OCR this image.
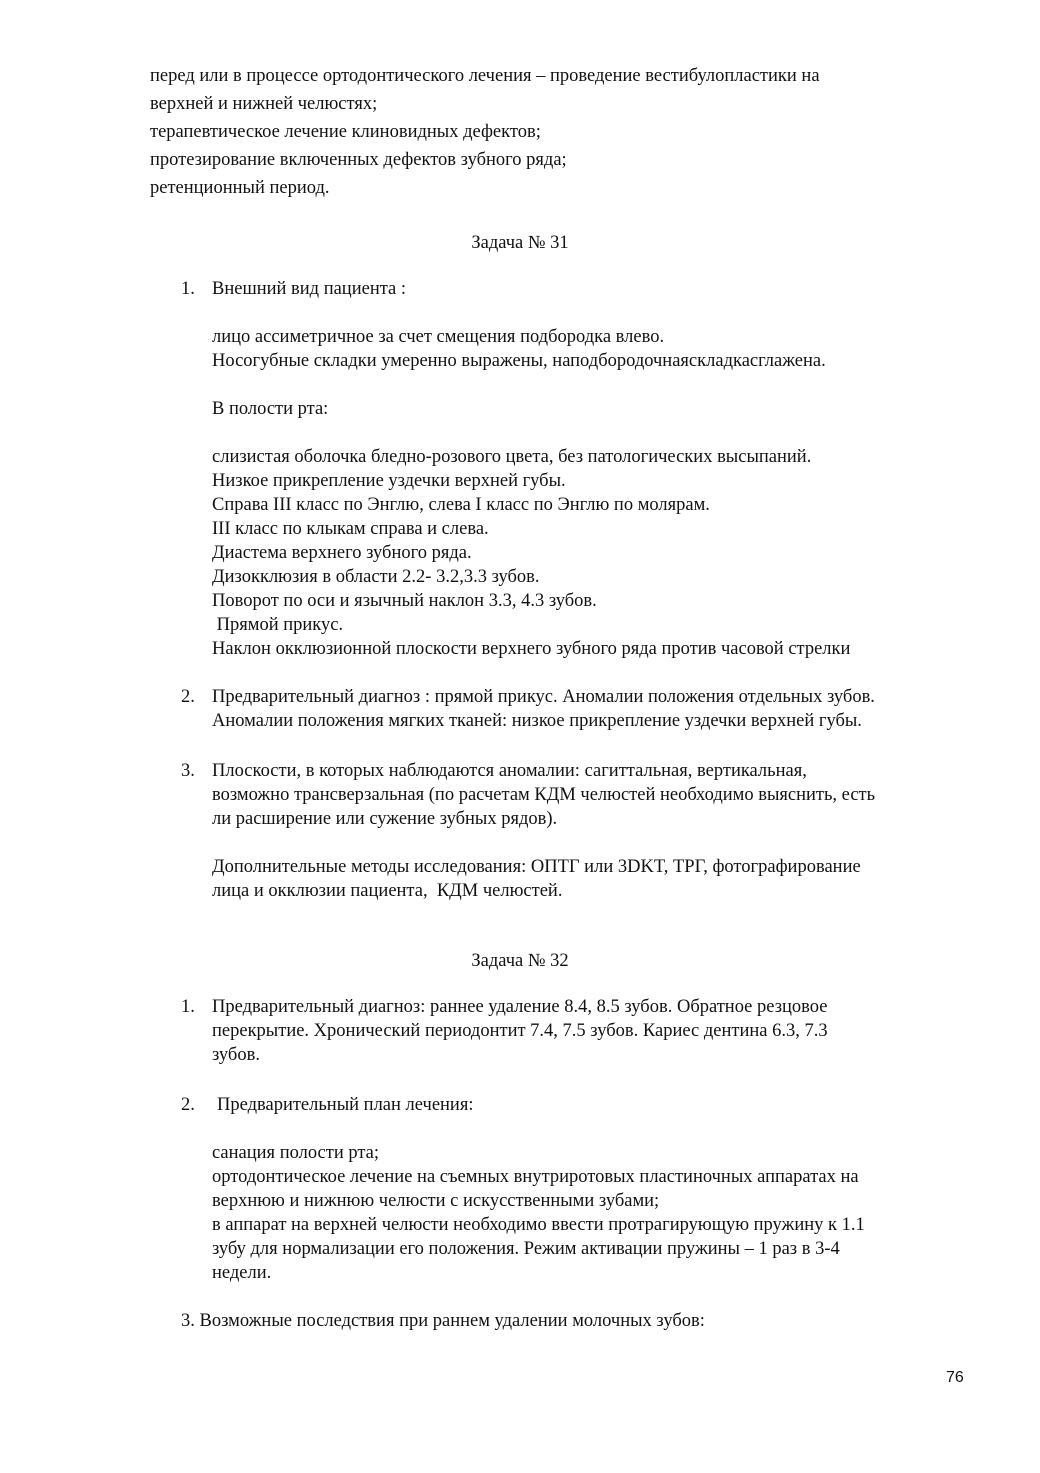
перед или в процессе ортодонтического лечения – проведение вестибулопластики на
верхней и нижней челюстях;
терапевтическое лечение клиновидных дефектов;
протезирование включенных дефектов зубного ряда;
ретенционный период.
Задача № 31
1. Внешний вид пациента :
лицо ассиметричное за счет смещения подбородка влево.
Носогубные складки умеренно выражены, наподбородочнаяскладкасглажена.
В полости рта:
слизистая оболочка бледно-розового цвета, без патологических высыпаний.
Низкое прикрепление уздечки верхней губы.
Справа III класс по Энглю, слева I класс по Энглю по молярам.
III класс по клыкам справа и слева.
Диастема верхнего зубного ряда.
Дизокклюзия в области 2.2- 3.2,3.3 зубов.
Поворот по оси и язычный наклон 3.3, 4.3 зубов.
Прямой прикус.
Наклон окклюзионной плоскости верхнего зубного ряда против часовой стрелки
2. Предварительный диагноз : прямой прикус. Аномалии положения отдельных зубов.
Аномалии положения мягких тканей: низкое прикрепление уздечки верхней губы.
3. Плоскости, в которых наблюдаются аномалии: сагиттальная, вертикальная,
возможно трансверзальная (по расчетам КДМ челюстей необходимо выяснить, есть
ли расширение или сужение зубных рядов).
Дополнительные методы исследования: ОПТГ или 3DKT, ТРГ, фотографирование
лица и окклюзии пациента,  КДМ челюстей.
Задача № 32
1. Предварительный диагноз: раннее удаление 8.4, 8.5 зубов. Обратное резцовое
перекрытие. Хронический периодонтит 7.4, 7.5 зубов. Кариес дентина 6.3, 7.3
зубов.
2. Предварительный план лечения:
санация полости рта;
ортодонтическое лечение на съемных внутриротовых пластиночных аппаратах на
верхнюю и нижнюю челюсти с искусственными зубами;
в аппарат на верхней челюсти необходимо ввести протрагирующую пружину к 1.1
зубу для нормализации его положения. Режим активации пружины – 1 раз в 3-4
недели.
3. Возможные последствия при раннем удалении молочных зубов:
76
